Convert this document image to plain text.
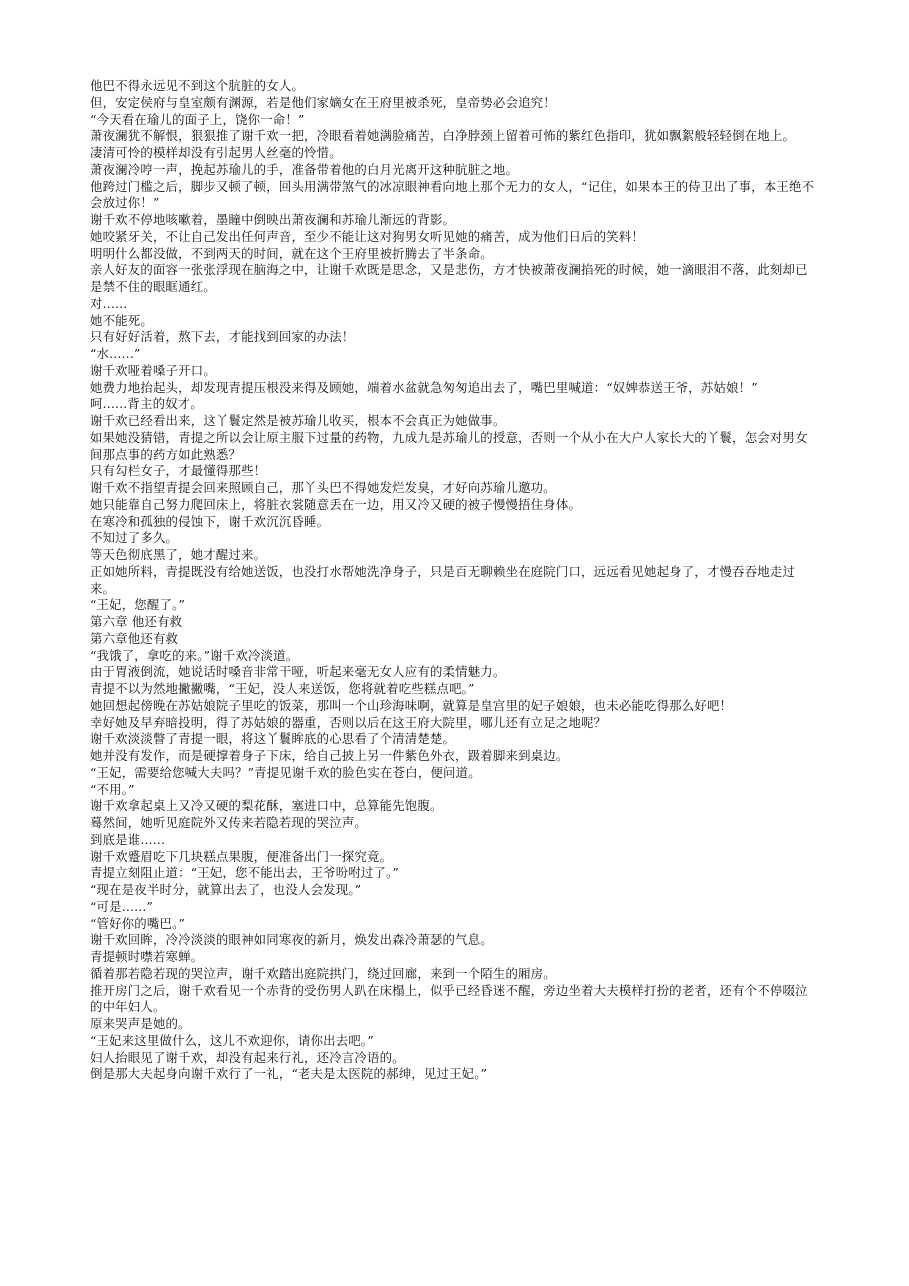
他巴不得永远见不到这个肮脏的女人。

但，安定侯府与皇室颇有渊源，若是他们家嫡女在王府里被杀死，皇帝势必会追究！

“今天看在瑜儿的面子上，饶你一命！”

萧夜澜犹不解恨，狠狠推了谢千欢一把，冷眼看着她满脸痛苦，白净脖颈上留着可怖的紫红色指印，犹如飘絮般轻轻倒在地上。

凄清可怜的模样却没有引起男人丝毫的怜惜。

萧夜澜冷哼一声，挽起苏瑜儿的手，准备带着他的白月光离开这种肮脏之地。

他跨过门槛之后，脚步又顿了顿，回头用满带煞气的冰凉眼神看向地上那个无力的女人，“记住，如果本王的侍卫出了事，本王绝不会放过你！”

谢千欢不停地咳嗽着，墨瞳中倒映出萧夜澜和苏瑜儿渐远的背影。

她咬紧牙关，不让自己发出任何声音，至少不能让这对狗男女听见她的痛苦，成为他们日后的笑料！

明明什么都没做，不到两天的时间，就在这个王府里被折腾去了半条命。

亲人好友的面容一张张浮现在脑海之中，让谢千欢既是思念，又是悲伤，方才快被萧夜澜掐死的时候，她一滴眼泪不落，此刻却已是禁不住的眼眶通红。

对......

她不能死。

只有好好活着，熬下去，才能找到回家的办法！

“水......”

谢千欢哑着嗓子开口。

她费力地抬起头，却发现青提压根没来得及顾她，端着水盆就急匆匆追出去了，嘴巴里喊道：“奴婢恭送王爷，苏姑娘！”

呵......背主的奴才。

谢千欢已经看出来，这丫鬟定然是被苏瑜儿收买，根本不会真正为她做事。

如果她没猜错，青提之所以会让原主服下过量的药物，九成九是苏瑜儿的授意，否则一个从小在大户人家长大的丫鬟，怎会对男女间那点事的药方如此熟悉？

只有勾栏女子，才最懂得那些！

谢千欢不指望青提会回来照顾自己，那丫头巴不得她发烂发臭，才好向苏瑜儿邀功。

她只能靠自己努力爬回床上，将脏衣裳随意丢在一边，用又冷又硬的被子慢慢捂住身体。

在寒冷和孤独的侵蚀下，谢千欢沉沉昏睡。

不知过了多久。

等天色彻底黑了，她才醒过来。

正如她所料，青提既没有给她送饭，也没打水帮她洗净身子，只是百无聊赖坐在庭院门口，远远看见她起身了，才慢吞吞地走过来。

“王妃，您醒了。”

第六章 他还有救

第六章他还有救

“我饿了，拿吃的来。”谢千欢冷淡道。

由于胃液倒流，她说话时嗓音非常干哑，听起来毫无女人应有的柔情魅力。

青提不以为然地撇撇嘴，“王妃，没人来送饭，您将就着吃些糕点吧。”

她回想起傍晚在苏姑娘院子里吃的饭菜，那叫一个山珍海味啊，就算是皇宫里的妃子娘娘，也未必能吃得那么好吧！

幸好她及早弃暗投明，得了苏姑娘的器重，否则以后在这王府大院里，哪儿还有立足之地呢？

谢千欢淡淡瞥了青提一眼，将这丫鬟眸底的心思看了个清清楚楚。

她并没有发作，而是硬撑着身子下床，给自己披上另一件紫色外衣，趿着脚来到桌边。

“王妃，需要给您喊大夫吗？”青提见谢千欢的脸色实在苍白，便问道。

“不用。”

谢千欢拿起桌上又冷又硬的梨花酥，塞进口中，总算能先饱腹。

蓦然间，她听见庭院外又传来若隐若现的哭泣声。

到底是谁......

谢千欢蹙眉吃下几块糕点果腹，便准备出门一探究竟。

青提立刻阻止道：“王妃，您不能出去，王爷吩咐过了。”

“现在是夜半时分，就算出去了，也没人会发现。”

“可是......”

“管好你的嘴巴。”

谢千欢回眸，冷冷淡淡的眼神如同寒夜的新月，焕发出森冷萧瑟的气息。

青提顿时噤若寒蝉。

循着那若隐若现的哭泣声，谢千欢踏出庭院拱门，绕过回廊，来到一个陌生的厢房。

推开房门之后，谢千欢看见一个赤背的受伤男人趴在床榻上，似乎已经昏迷不醒，旁边坐着大夫模样打扮的老者，还有个不停啜泣的中年妇人。

原来哭声是她的。

“王妃来这里做什么，这儿不欢迎你，请你出去吧。”

妇人抬眼见了谢千欢，却没有起来行礼，还冷言冷语的。

倒是那大夫起身向谢千欢行了一礼，“老夫是太医院的郝绅，见过王妃。”
